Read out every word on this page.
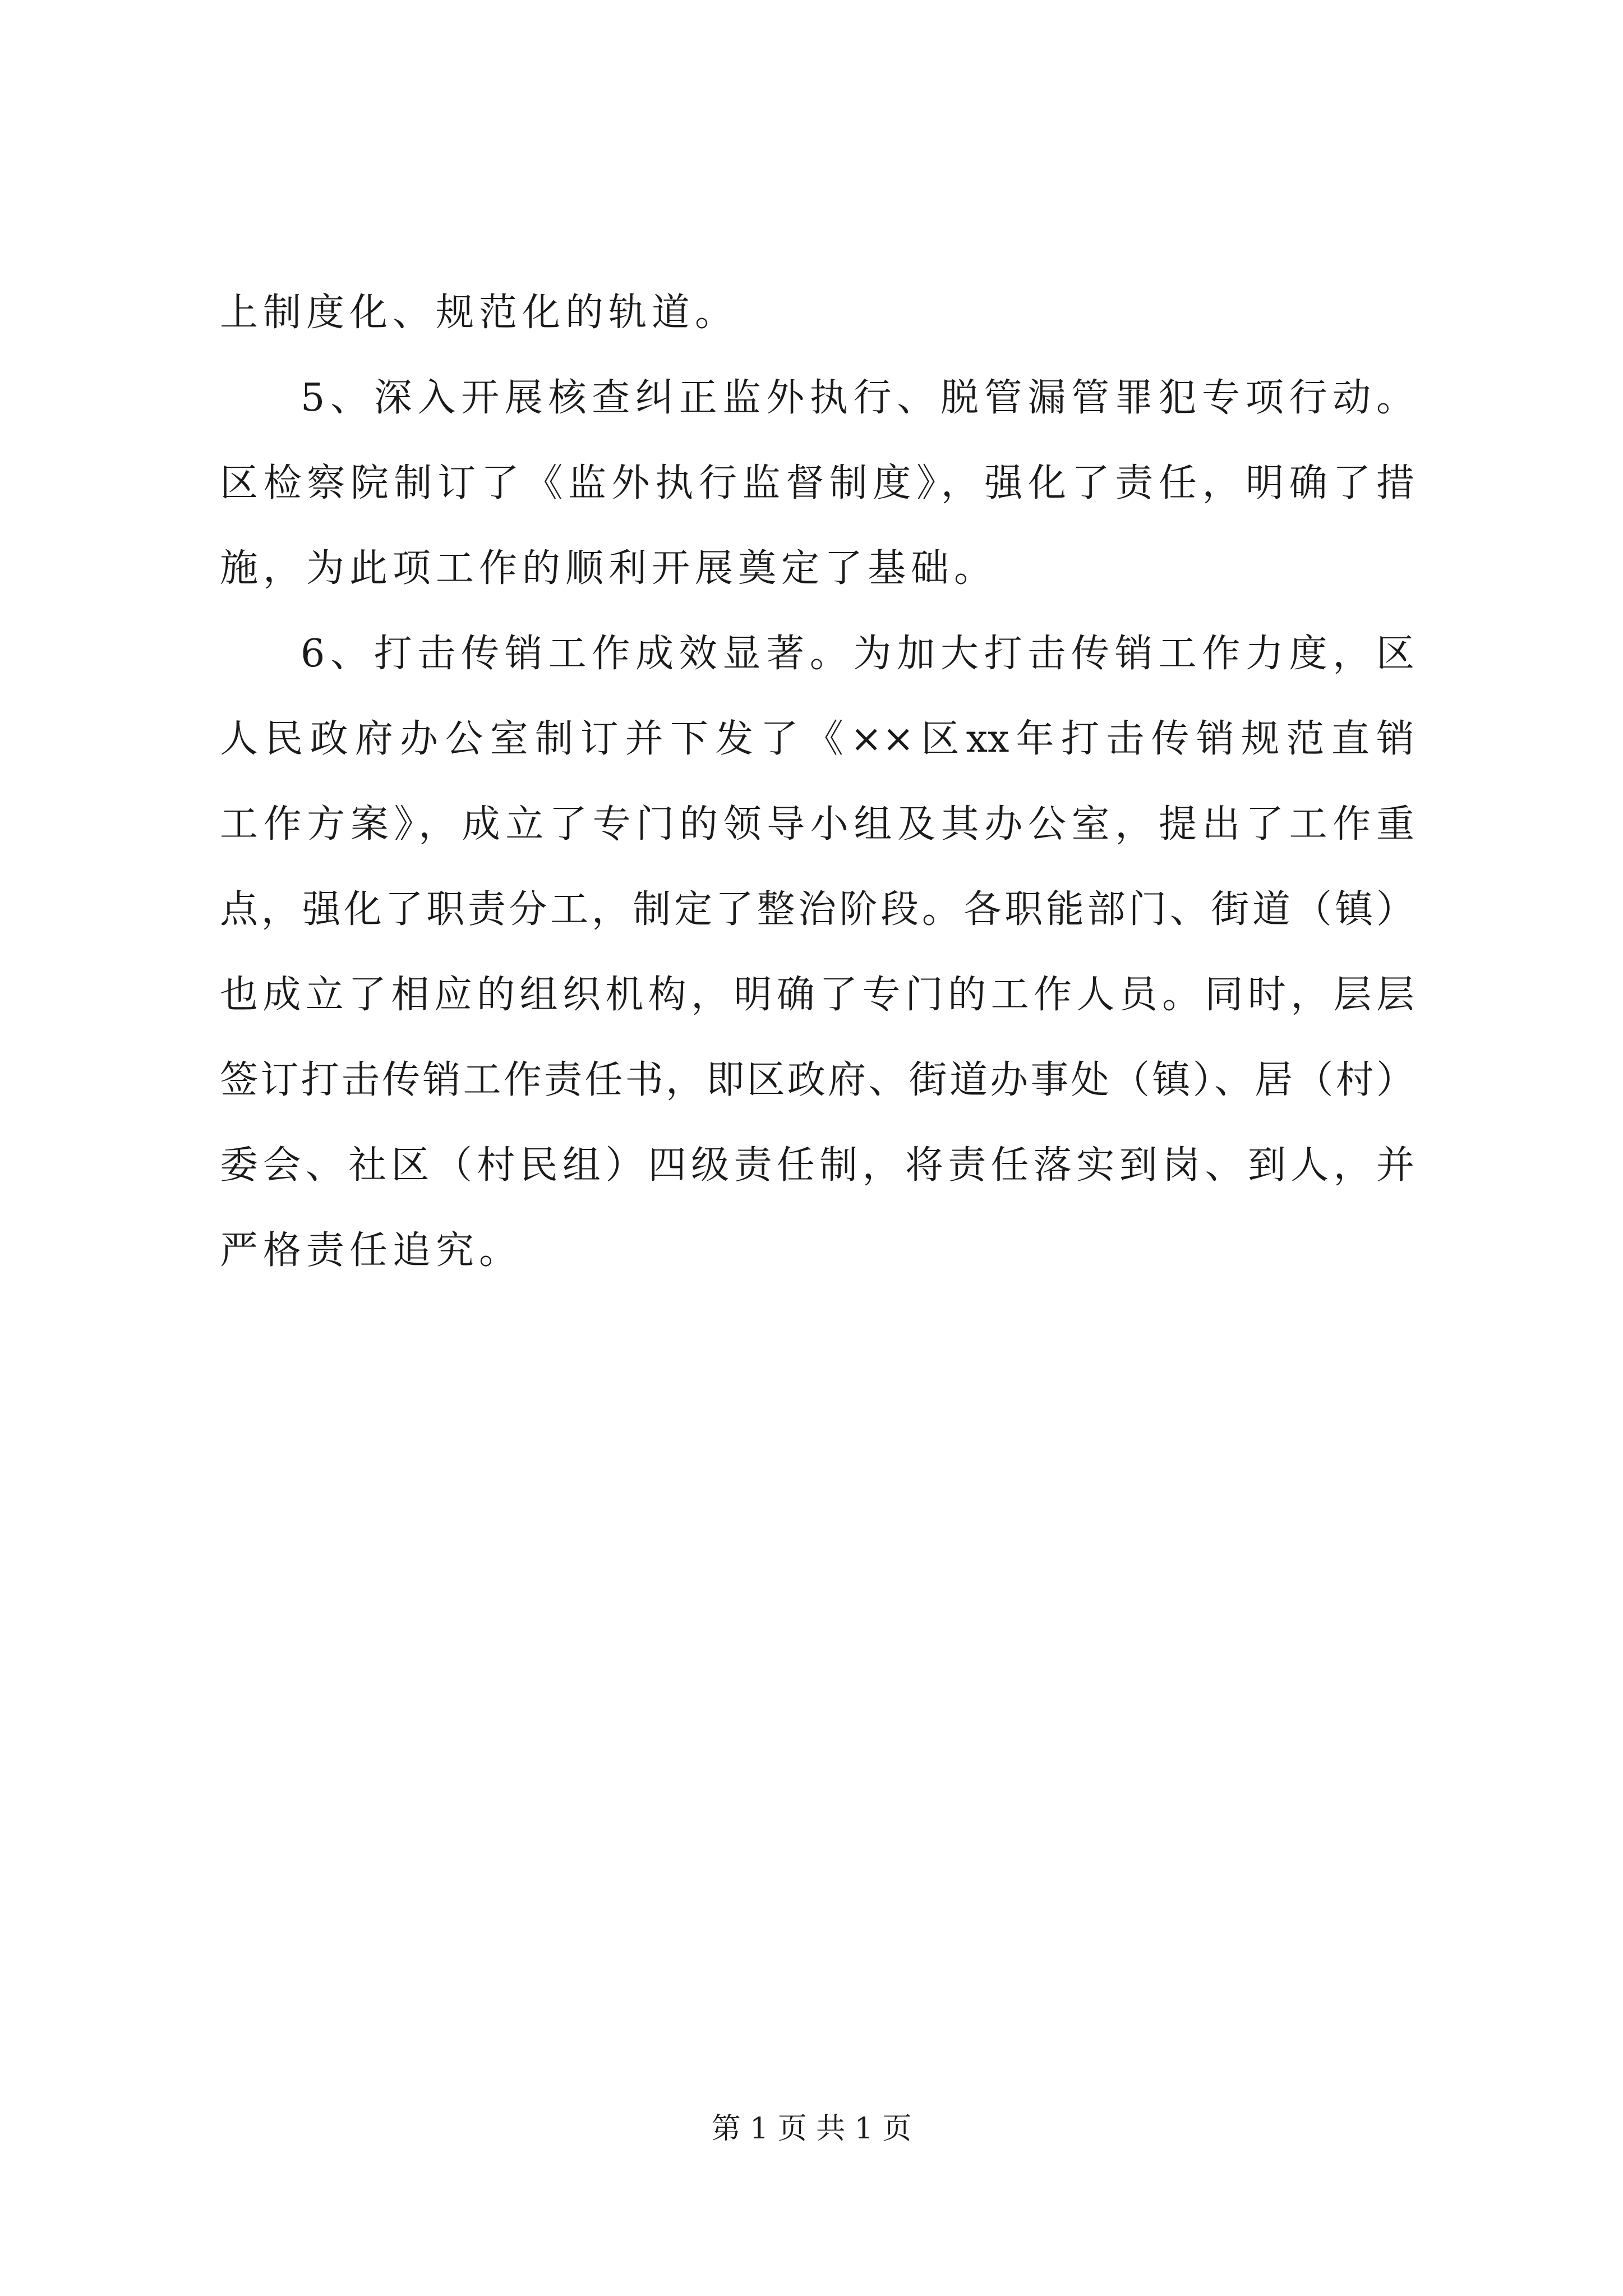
上制度化、规范化的轨道。
5、深入开展核查纠正监外执行、脱管漏管罪犯专项行动。
区检察院制订了《监外执行监督制度》，强化了责任，明确了措
施，为此项工作的顺利开展奠定了基础。
6、打击传销工作成效显著。为加大打击传销工作力度，区
人民政府办公室制订并下发了《××区xx年打击传销规范直销
工作方案》，成立了专门的领导小组及其办公室，提出了工作重
点，强化了职责分工，制定了整治阶段。各职能部门、街道（镇）
也成立了相应的组织机构，明确了专门的工作人员。同时，层层
签订打击传销工作责任书，即区政府、街道办事处（镇）、居（村）
委会、社区（村民组）四级责任制，将责任落实到岗、到人，并
严格责任追究。
第 1 页 共 1 页
